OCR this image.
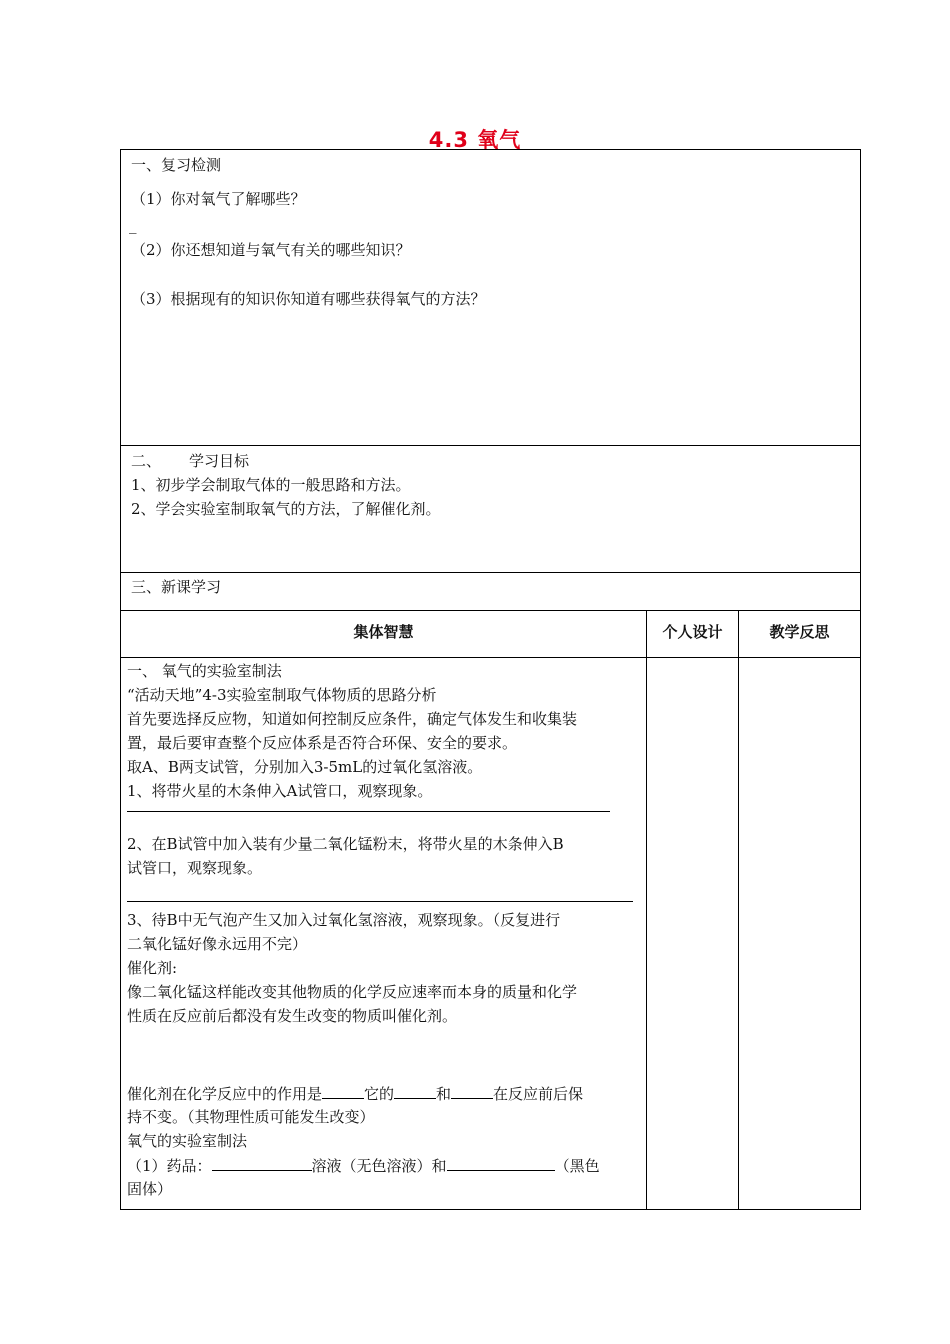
4.3 氧气
一、复习检测
（1）你对氧气了解哪些？
_
（2）你还想知道与氧气有关的哪些知识？
（3）根据现有的知识你知道有哪些获得氧气的方法？
二、 学习目标
1、初步学会制取气体的一般思路和方法。
2、学会实验室制取氧气的方法，了解催化剂。
三、新课学习
集体智慧	个人设计	教学反思
一、 氧气的实验室制法
“活动天地”4-3实验室制取气体物质的思路分析
首先要选择反应物，知道如何控制反应条件，确定气体发生和收集装
置，最后要审查整个反应体系是否符合环保、安全的要求。
取A、B两支试管，分别加入3-5mL的过氧化氢溶液。
1、将带火星的木条伸入A试管口，观察现象。
2、在B试管中加入装有少量二氧化锰粉末，将带火星的木条伸入B
试管口，观察现象。
3、待B中无气泡产生又加入过氧化氢溶液，观察现象。（反复进行
二氧化锰好像永远用不完）
催化剂:
像二氧化锰这样能改变其他物质的化学反应速率而本身的质量和化学
性质在反应前后都没有发生改变的物质叫催化剂。
催化剂在化学反应中的作用是	它的	和	在反应前后保
持不变。（其物理性质可能发生改变）
氧气的实验室制法
（1）药品：	溶液（无色溶液）和	（黑色
固体）
